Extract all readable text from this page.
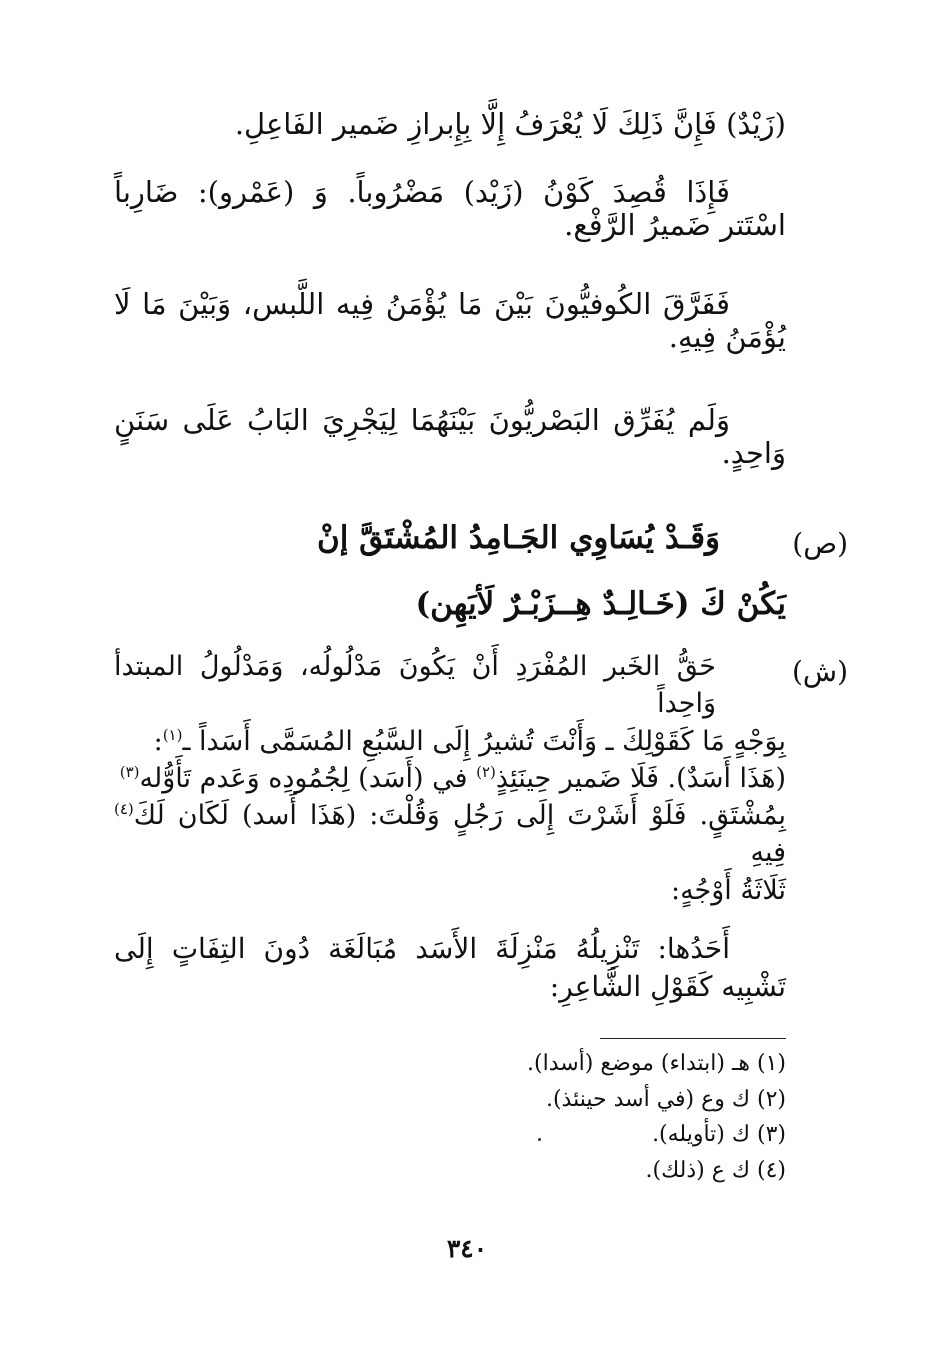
(زَيْدٌ) فَإِنَّ ذَلِكَ لَا يُعْرَفُ إِلَّا بِإِبرازِ ضَمير الفَاعِلِ.
فَإِذَا قُصِدَ كَوْنُ (زَيْد) مَضْرُوباً. وَ (عَمْرو): ضَارِباً اسْتَتر ضَميرُ الرَّفْع.
فَفَرَّقَ الكُوفيُّونَ بَيْنَ مَا يُؤْمَنُ فِيه اللَّبس، وَبَيْنَ مَا لَا يُؤْمَنُ فِيهِ.
وَلَم يُفَرِّق البَصْريُّونَ بَيْنَهُمَا لِيَجْرِيَ البَابُ عَلَى سَنَنٍ وَاحِدٍ.
(ص)
وَقَـدْ يُسَاوِي الجَـامِدُ المُشْتَقَّ إنْ
يَكُنْ كَ (خَـالِـدٌ هِــزَبْـرٌ لَأيَهِن)
(ش)
حَقُّ الخَبر المُفْرَدِ أَنْ يَكُونَ مَدْلُولُه، وَمَدْلُولُ المبتدأ وَاحِداً
بِوَجْهٍ مَا كَقَوْلِكَ ـ وَأَنْتَ تُشيرُ إِلَى السَّبُعِ المُسَمَّى أَسَداً ـ$^{(١)}$:
(هَذَا أَسَدٌ). فَلَا ضَمير حِينَئِذٍ$^{(٢)}$ في (أَسَد) لِجُمُودِه وَعَدم تَأَوُّله$^{(٣)}$
بِمُشْتَقٍ. فَلَوْ أَشَرْتَ إِلَى رَجُلٍ وَقُلْتَ: (هَذَا أَسد) لَكَان لَكَ$^{(٤)}$ فِيهِ
ثَلَاثَةُ أَوْجُهٍ:
أَحَدُها: تَنْزِيلُهُ مَنْزِلَةَ الأَسَد مُبَالَغَة دُونَ التِفَاتٍ إِلَى تَشْبِيه كَقَوْلِ الشَّاعِرِ:
(١) هـ (ابتداء) موضع (أسدا).
(٢) ك وع (في أسد حينئذ).
(٣) ك (تأويله).
(٤) ك ع (ذلك).
٣٤٠
